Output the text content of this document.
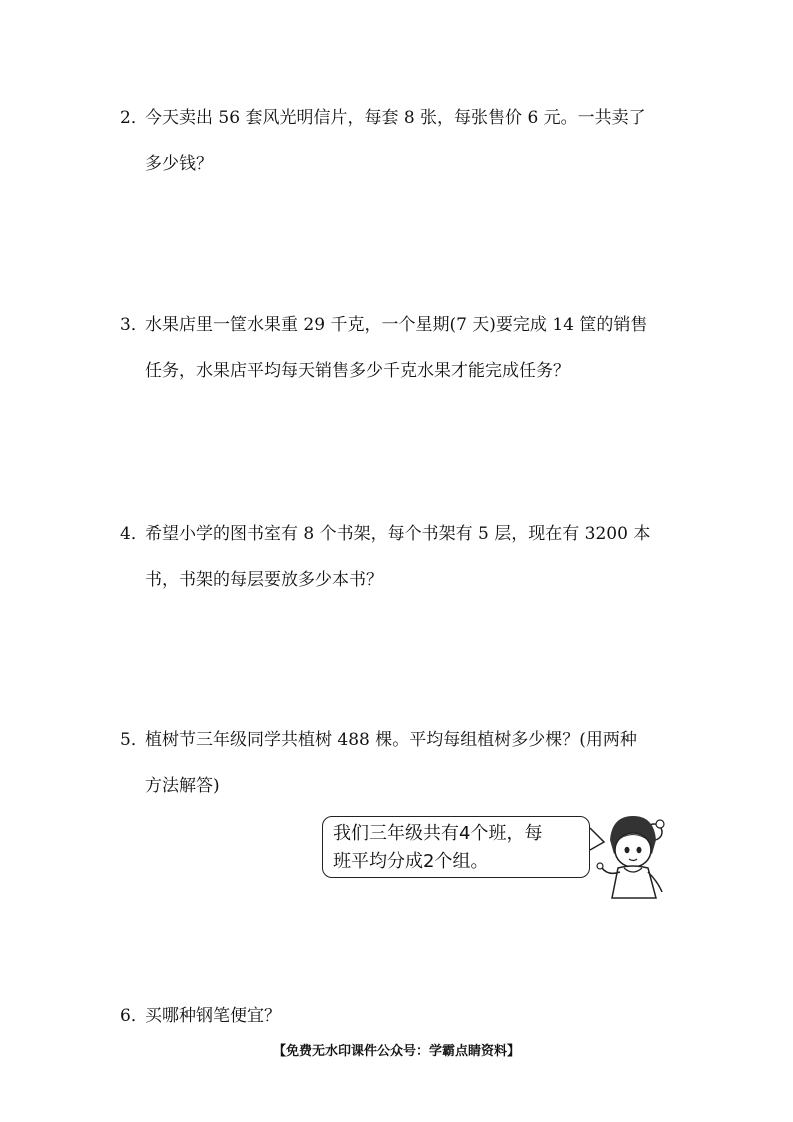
2．今天卖出 56 套风光明信片，每套 8 张，每张售价 6 元。一共卖了
多少钱？
3．水果店里一筐水果重 29 千克，一个星期(7 天)要完成 14 筐的销售
任务，水果店平均每天销售多少千克水果才能完成任务？
4．希望小学的图书室有 8 个书架，每个书架有 5 层，现在有 3200 本
书，书架的每层要放多少本书？
5．植树节三年级同学共植树 488 棵。平均每组植树多少棵？(用两种
方法解答)
我们三年级共有4个班，每
班平均分成2个组。
6．买哪种钢笔便宜？
【免费无水印课件公众号：学霸点睛资料】
